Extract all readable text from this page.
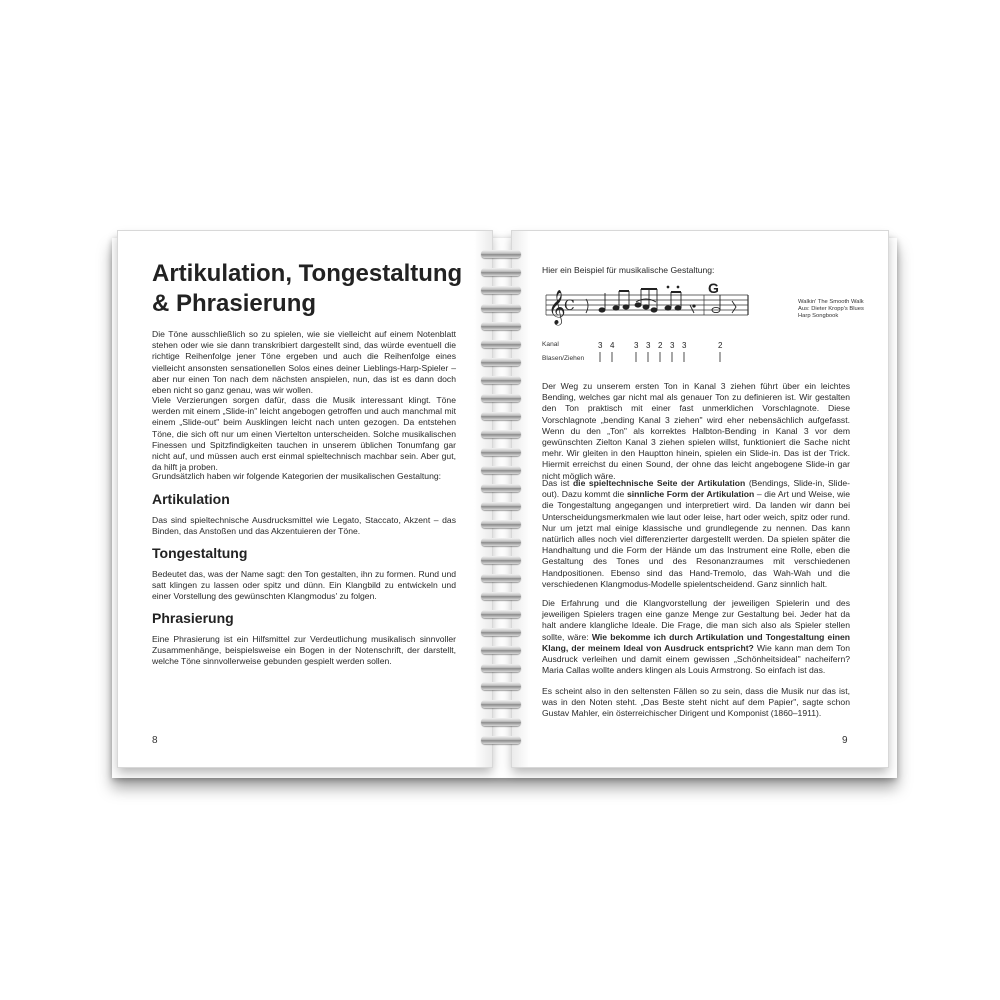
Artikulation, Tongestaltung & Phrasierung
Die Töne ausschließlich so zu spielen, wie sie vielleicht auf einem Notenblatt stehen oder wie sie dann transkribiert dargestellt sind, das würde eventuell die richtige Reihenfolge jener Töne ergeben und auch die Reihenfolge eines vielleicht ansonsten sensationellen Solos eines deiner Lieblings-Harp-Spieler – aber nur einen Ton nach dem nächsten anspielen, nun, das ist es dann doch eben nicht so ganz genau, was wir wollen.
Viele Verzierungen sorgen dafür, dass die Musik interessant klingt. Töne werden mit einem „Slide-in" leicht angebogen getroffen und auch manchmal mit einem „Slide-out" beim Ausklingen leicht nach unten gezogen. Da entstehen Töne, die sich oft nur um einen Viertelton unterscheiden. Solche musikalischen Finessen und Spitzfindigkeiten tauchen in unserem üblichen Tonumfang gar nicht auf, und müssen auch erst einmal spieltechnisch machbar sein. Aber gut, da hilft ja proben.
Grundsätzlich haben wir folgende Kategorien der musikalischen Gestaltung:
Artikulation
Das sind spieltechnische Ausdrucksmittel wie Legato, Staccato, Akzent – das Binden, das Anstoßen und das Akzentuieren der Töne.
Tongestaltung
Bedeutet das, was der Name sagt: den Ton gestalten, ihn zu formen. Rund und satt klingen zu lassen oder spitz und dünn. Ein Klangbild zu entwickeln und einer Vorstellung des gewünschten Klangmodus' zu folgen.
Phrasierung
Eine Phrasierung ist ein Hilfsmittel zur Verdeutlichung musikalisch sinnvoller Zusammenhänge, beispielsweise ein Bogen in der Notenschrift, der darstellt, welche Töne sinnvollerweise gebunden gespielt werden sollen.
8
Hier ein Beispiel für musikalische Gestaltung:
𝄞
C
G
Walkin' The Smooth Walk
Aus: Dieter Kropp's Blues
Harp Songbook
Kanal
Blasen/Ziehen
3 4 3 3 2 3 3	2
Der Weg zu unserem ersten Ton in Kanal 3 ziehen führt über ein leichtes Bending, welches gar nicht mal als genauer Ton zu definieren ist. Wir gestalten den Ton praktisch mit einer fast unmerklichen Vorschlagnote. Diese Vorschlagnote „bending Kanal 3 ziehen" wird eher nebensächlich aufgefasst. Wenn du den „Ton" als korrektes Halbton-Bending in Kanal 3 vor dem gewünschten Zielton Kanal 3 ziehen spielen willst, funktioniert die Sache nicht mehr. Wir gleiten in den Hauptton hinein, spielen ein Slide-in. Das ist der Trick. Hiermit erreichst du einen Sound, der ohne das leicht angebogene Slide-in gar nicht möglich wäre.
Das ist die spieltechnische Seite der Artikulation (Bendings, Slide-in, Slide-out). Dazu kommt die sinnliche Form der Artikulation – die Art und Weise, wie die Tongestaltung angegangen und interpretiert wird. Da landen wir dann bei Unterscheidungsmerkmalen wie laut oder leise, hart oder weich, spitz oder rund. Nur um jetzt mal einige klassische und grundlegende zu nennen. Das kann natürlich alles noch viel differenzierter dargestellt werden. Da spielen später die Handhaltung und die Form der Hände um das Instrument eine Rolle, eben die Gestaltung des Tones und des Resonanzraumes mit verschiedenen Handpositionen. Ebenso sind das Hand-Tremolo, das Wah-Wah und die verschiedenen Klangmodus-Modelle spielentscheidend. Ganz sinnlich halt.
Die Erfahrung und die Klangvorstellung der jeweiligen Spielerin und des jeweiligen Spielers tragen eine ganze Menge zur Gestaltung bei. Jeder hat da halt andere klangliche Ideale. Die Frage, die man sich also als Spieler stellen sollte, wäre: Wie bekomme ich durch Artikulation und Tongestaltung einen Klang, der meinem Ideal von Ausdruck entspricht? Wie kann man dem Ton Ausdruck verleihen und damit einem gewissen „Schönheitsideal" nacheifern? Maria Callas wollte anders klingen als Louis Armstrong. So einfach ist das.
Es scheint also in den seltensten Fällen so zu sein, dass die Musik nur das ist, was in den Noten steht. „Das Beste steht nicht auf dem Papier", sagte schon Gustav Mahler, ein österreichischer Dirigent und Komponist (1860–1911).
9
